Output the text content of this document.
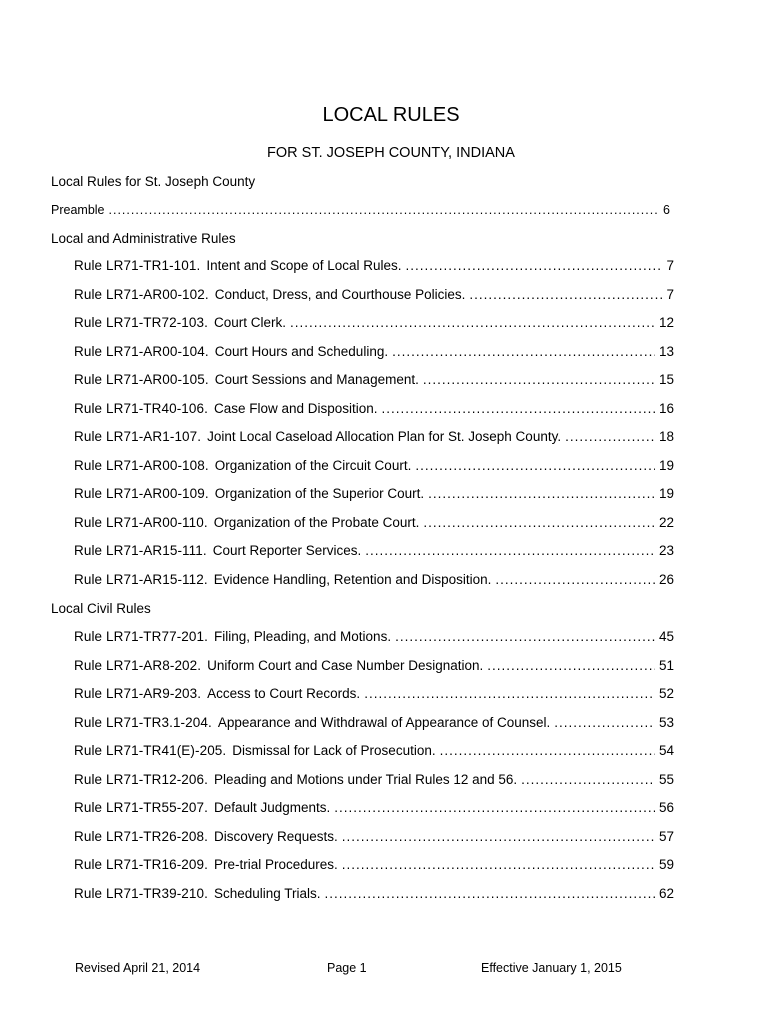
LOCAL RULES
FOR ST. JOSEPH COUNTY, INDIANA
Local Rules for St. Joseph County
Preamble .....	6
Local and Administrative Rules
Local Civil Rules
Revised April 21, 2014	Page 1	Effective January 1, 2015
Rule LR71-TR1-101. Intent and Scope of Local Rules. .....	7
Rule LR71-AR00-102. Conduct, Dress, and Courthouse Policies. .....	7
Rule LR71-TR72-103. Court Clerk. .....	12
Rule LR71-AR00-104. Court Hours and Scheduling. .....	13
Rule LR71-AR00-105. Court Sessions and Management. .....	15
Rule LR71-TR40-106. Case Flow and Disposition. .....	16
Rule LR71-AR1-107. Joint Local Caseload Allocation Plan for St. Joseph County. .....	18
Rule LR71-AR00-108. Organization of the Circuit Court. .....	19
Rule LR71-AR00-109. Organization of the Superior Court. .....	19
Rule LR71-AR00-110. Organization of the Probate Court. .....	22
Rule LR71-AR15-111. Court Reporter Services. .....	23
Rule LR71-AR15-112. Evidence Handling, Retention and Disposition. .....	26
Rule LR71-TR77-201. Filing, Pleading, and Motions. .....	45
Rule LR71-AR8-202. Uniform Court and Case Number Designation. .....	51
Rule LR71-AR9-203. Access to Court Records. .....	52
Rule LR71-TR3.1-204. Appearance and Withdrawal of Appearance of Counsel. .....	53
Rule LR71-TR41(E)-205. Dismissal for Lack of Prosecution. .....	54
Rule LR71-TR12-206. Pleading and Motions under Trial Rules 12 and 56. .....	55
Rule LR71-TR55-207. Default Judgments. .....	56
Rule LR71-TR26-208. Discovery Requests. .....	57
Rule LR71-TR16-209. Pre-trial Procedures. .....	59
Rule LR71-TR39-210. Scheduling Trials. .....	62
